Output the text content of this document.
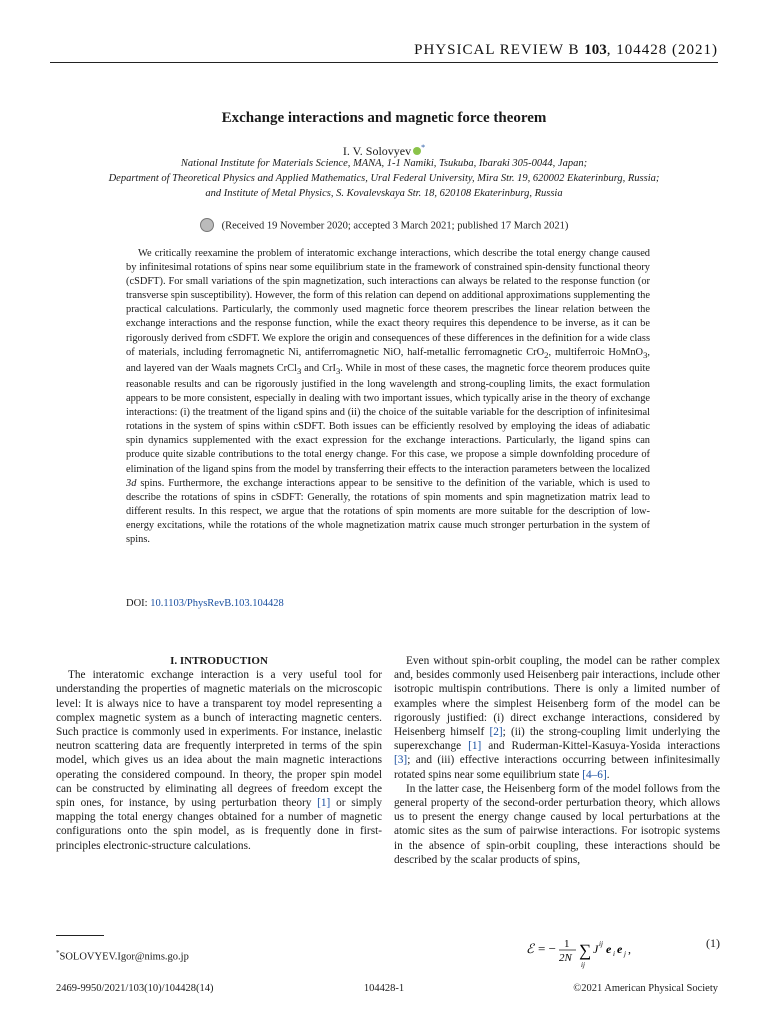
PHYSICAL REVIEW B 103, 104428 (2021)
Exchange interactions and magnetic force theorem
I. V. Solovyev *
National Institute for Materials Science, MANA, 1-1 Namiki, Tsukuba, Ibaraki 305-0044, Japan;
Department of Theoretical Physics and Applied Mathematics, Ural Federal University, Mira Str. 19, 620002 Ekaterinburg, Russia;
and Institute of Metal Physics, S. Kovalevskaya Str. 18, 620108 Ekaterinburg, Russia
(Received 19 November 2020; accepted 3 March 2021; published 17 March 2021)
We critically reexamine the problem of interatomic exchange interactions, which describe the total energy change caused by infinitesimal rotations of spins near some equilibrium state in the framework of constrained spin-density functional theory (cSDFT). For small variations of the spin magnetization, such interactions can always be related to the response function (or transverse spin susceptibility). However, the form of this relation can depend on additional approximations supplementing the practical calculations. Particularly, the commonly used magnetic force theorem prescribes the linear relation between the exchange interactions and the response function, while the exact theory requires this dependence to be inverse, as it can be rigorously derived from cSDFT. We explore the origin and consequences of these differences in the definition for a wide class of materials, including ferromagnetic Ni, antiferromagnetic NiO, half-metallic ferromagnetic CrO$_2$, multiferroic HoMnO$_3$, and layered van der Waals magnets CrCl$_3$ and CrI$_3$. While in most of these cases, the magnetic force theorem produces quite reasonable results and can be rigorously justified in the long wavelength and strong-coupling limits, the exact formulation appears to be more consistent, especially in dealing with two important issues, which typically arise in the theory of exchange interactions: (i) the treatment of the ligand spins and (ii) the choice of the suitable variable for the description of infinitesimal rotations in the system of spins within cSDFT. Both issues can be efficiently resolved by employing the ideas of adiabatic spin dynamics supplemented with the exact expression for the exchange interactions. Particularly, the ligand spins can produce quite sizable contributions to the total energy change. For this case, we propose a simple downfolding procedure of elimination of the ligand spins from the model by transferring their effects to the interaction parameters between the localized 3d spins. Furthermore, the exchange interactions appear to be sensitive to the definition of the variable, which is used to describe the rotations of spins in cSDFT: Generally, the rotations of spin moments and spin magnetization matrix lead to different results. In this respect, we argue that the rotations of spin moments are more suitable for the description of low-energy excitations, while the rotations of the whole magnetization matrix cause much stronger perturbation in the system of spins.
DOI: 10.1103/PhysRevB.103.104428

I. INTRODUCTION

The interatomic exchange interaction is a very useful tool for understanding the properties of magnetic materials on the microscopic level: It is always nice to have a transparent toy model representing a complex magnetic system as a bunch of interacting magnetic centers. Such practice is commonly used in experiments. For instance, inelastic neutron scattering data are frequently interpreted in terms of the spin model, which gives us an idea about the main magnetic interactions operating the considered compound. In theory, the proper spin model can be constructed by eliminating all degrees of freedom except the spin ones, for instance, by using perturbation theory [1] or simply mapping the total energy changes obtained for a number of magnetic configurations onto the spin model, as is frequently done in first-principles electronic-structure calculations.

Even without spin-orbit coupling, the model can be rather complex and, besides commonly used Heisenberg pair interactions, include other isotropic multispin contributions. There is only a limited number of examples where the simplest Heisenberg form of the model can be rigorously justified: (i) direct exchange interactions, considered by Heisenberg himself [2]; (ii) the strong-coupling limit underlying the superexchange [1] and Ruderman-Kittel-Kasuya-Yosida interactions [3]; and (iii) effective interactions occurring between infinitesimally rotated spins near some equilibrium state [4–6].

In the latter case, the Heisenberg form of the model follows from the general property of the second-order perturbation theory, which allows us to present the energy change caused by local perturbations at the atomic sites as the sum of pairwise interactions. For isotropic systems in the absence of spin-orbit coupling, these interactions should be described by the scalar products of spins,

ℰ = − 1
2N ∑
ij
J ij e i e j ,	(1)
*SOLOVYEV.Igor@nims.go.jp
2469-9950/2021/103(10)/104428(14)	104428-1	©2021 American Physical Society
